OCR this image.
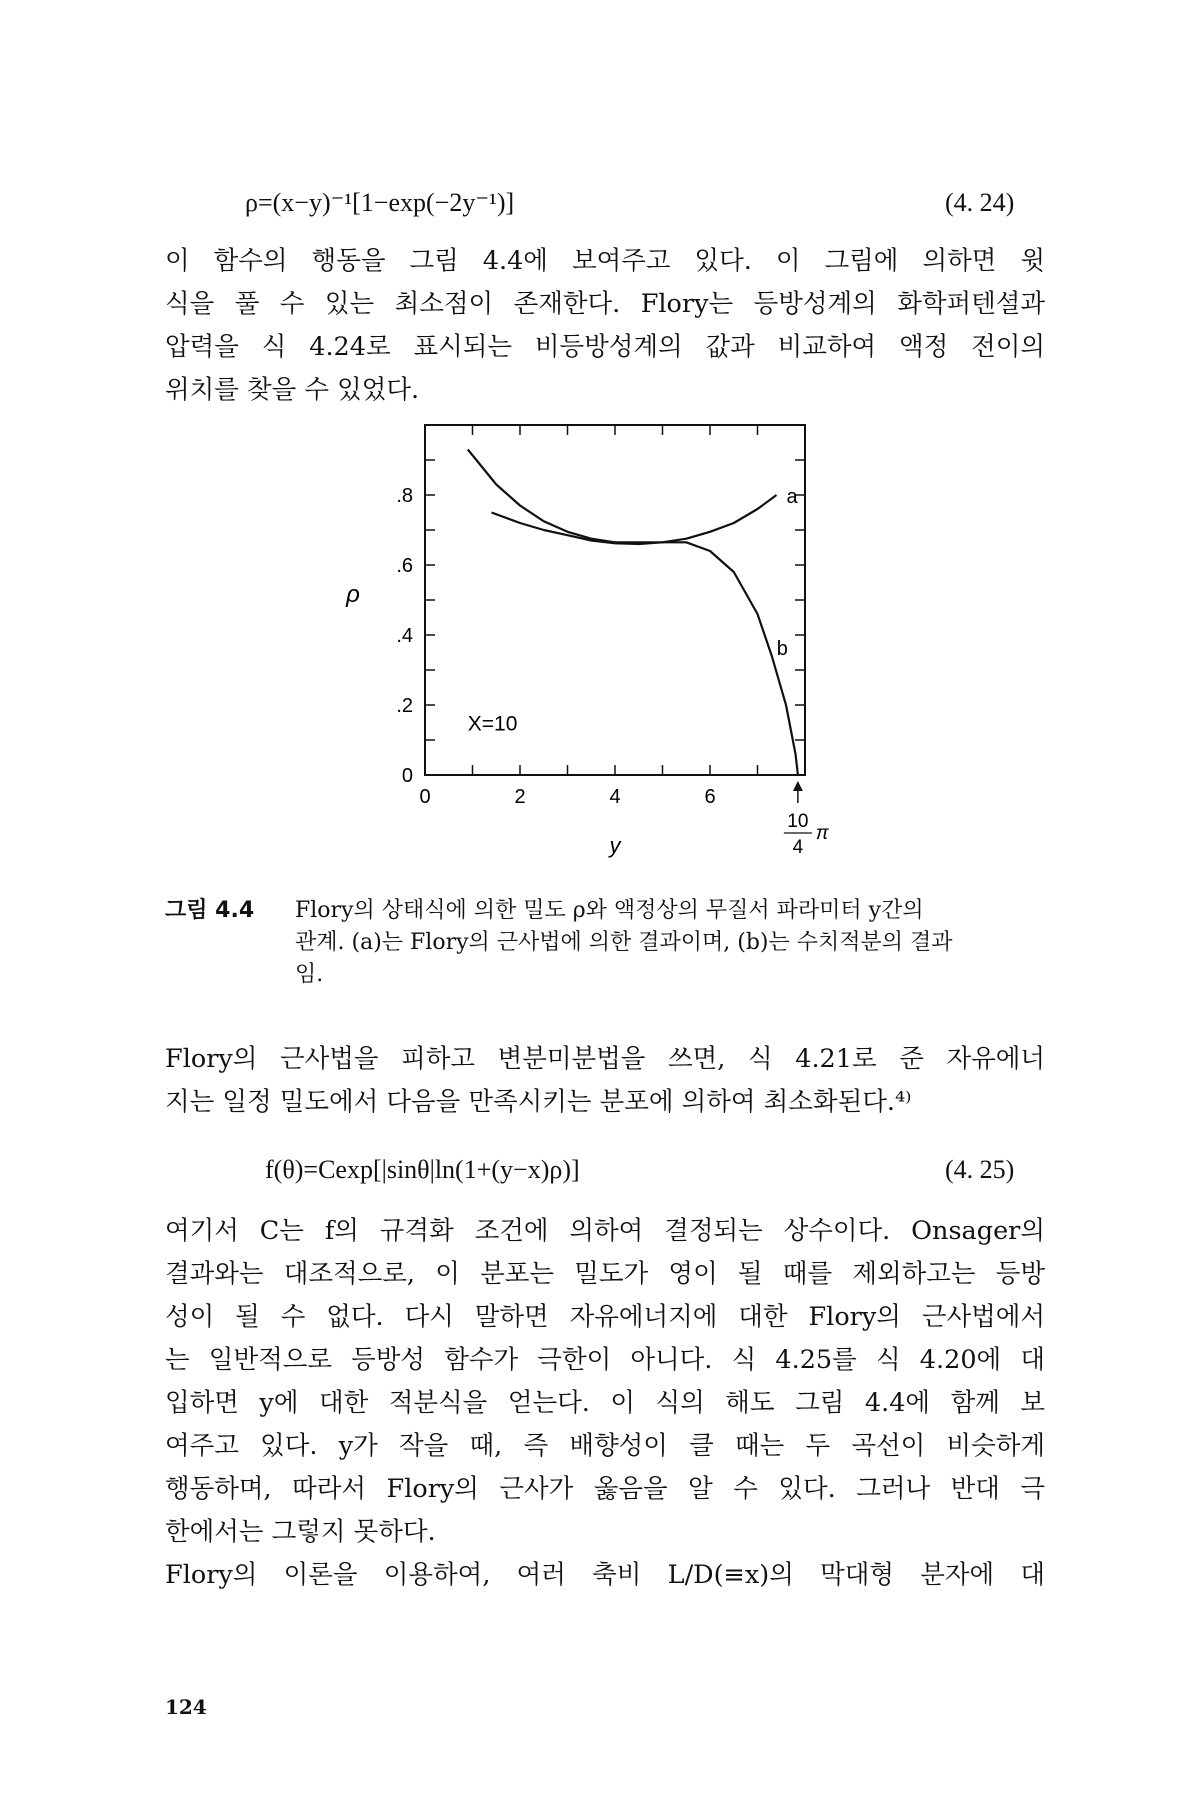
ρ=(x−y)⁻¹[1−exp(−2y⁻¹)]	(4. 24)
이 함수의 행동을 그림 4.4에 보여주고 있다. 이 그림에 의하면 윗
식을 풀 수 있는 최소점이 존재한다. Flory는 등방성계의 화학퍼텐셜과
압력을 식 4.24로 표시되는 비등방성계의 값과 비교하여 액정 전이의
위치를 찾을 수 있었다.
0	2	4	6
0
.2
.4
.6
.8
y
ρ
a
b
X=10
10
4
π
그림 4.4 Flory의 상태식에 의한 밀도 ρ와 액정상의 무질서 파라미터 y간의
관계. (a)는 Flory의 근사법에 의한 결과이며, (b)는 수치적분의 결과
임.
Flory의 근사법을 피하고 변분미분법을 쓰면, 식 4.21로 준 자유에너
지는 일정 밀도에서 다음을 만족시키는 분포에 의하여 최소화된다.⁴⁾
f(θ)=Cexp[|sinθ|ln(1+(y−x)ρ)]	(4. 25)
여기서 C는 f의 규격화 조건에 의하여 결정되는 상수이다. Onsager의
결과와는 대조적으로, 이 분포는 밀도가 영이 될 때를 제외하고는 등방
성이 될 수 없다. 다시 말하면 자유에너지에 대한 Flory의 근사법에서
는 일반적으로 등방성 함수가 극한이 아니다. 식 4.25를 식 4.20에 대
입하면 y에 대한 적분식을 얻는다. 이 식의 해도 그림 4.4에 함께 보
여주고 있다. y가 작을 때, 즉 배향성이 클 때는 두 곡선이 비슷하게
행동하며, 따라서 Flory의 근사가 옳음을 알 수 있다. 그러나 반대 극
한에서는 그렇지 못하다.
Flory의 이론을 이용하여, 여러 축비 L/D(≡x)의 막대형 분자에 대
124
